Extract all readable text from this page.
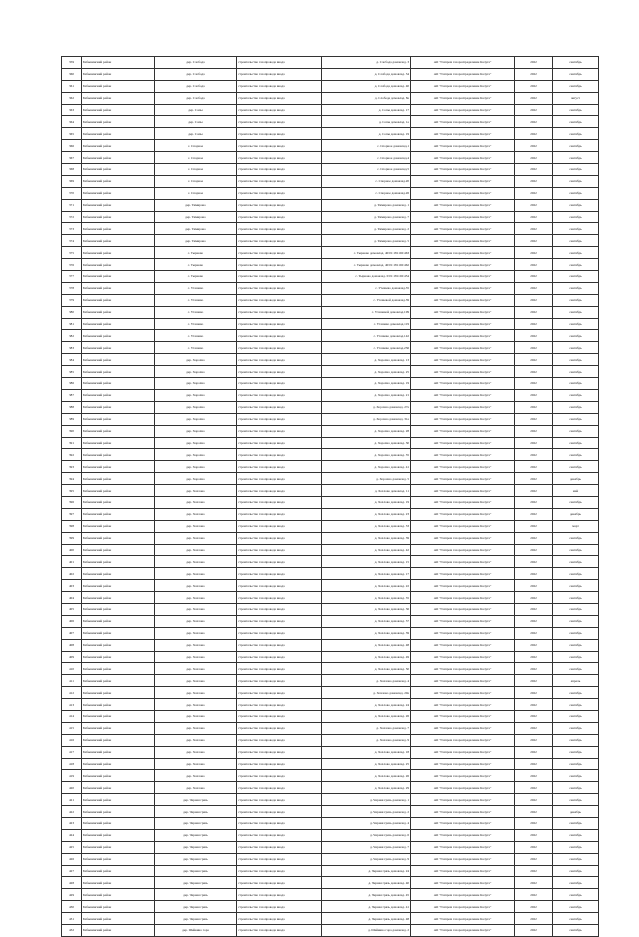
359	Бабынинский район	дер. Слобода	строительство газопровода ввода	д. Слобода домовлад. 3	АО "Газпром газораспределение Калуга"	2022	сентябрь
360	Бабынинский район	дер. Слобода	строительство газопровода ввода	д. Слобода домовлад. 34	АО "Газпром газораспределение Калуга"	2022	сентябрь
361	Бабынинский район	дер. Слобода	строительство газопровода ввода	д. Слобода домовлад. 40	АО "Газпром газораспределение Калуга"	2022	сентябрь
362	Бабынинский район	дер. Слобода	строительство газопровода ввода	д. Слобода домовлад. 8а	АО "Газпром газораспределение Калуга"	2022	август
363	Бабынинский район	дер. Сопы	строительство газопровода ввода	д. Сопы домовлад. 17	АО "Газпром газораспределение Калуга"	2022	сентябрь
364	Бабынинский район	дер. Сопы	строительство газопровода ввода	д. Сопы домовлад. 1а	АО "Газпром газораспределение Калуга"	2022	сентябрь
365	Бабынинский район	дер. Сопы	строительство газопровода ввода	д. Сопы домовлад. 19	АО "Газпром газораспределение Калуга"	2022	сентябрь
366	Бабынинский район	с. Спорное	строительство газопровода ввода	с. Спорное домовлад.1	АО "Газпром газораспределение Калуга"	2022	сентябрь
367	Бабынинский район	с. Спорное	строительство газопровода ввода	с. Спорное домовлад.4	АО "Газпром газораспределение Калуга"	2022	сентябрь
368	Бабынинский район	с. Спорное	строительство газопровода ввода	с. Спорное домовлад.5	АО "Газпром газораспределение Калуга"	2022	сентябрь
369	Бабынинский район	с. Спорное	строительство газопровода ввода	с. Спорное домовлад.20	АО "Газпром газораспределение Калуга"	2022	сентябрь
370	Бабынинский район	с. Спорное	строительство газопровода ввода	с. Спорное домовлад.26	АО "Газпром газораспределение Калуга"	2022	сентябрь
371	Бабынинский район	дер. Тимирово	строительство газопровода ввода	д. Тимирово домовлад. 1	АО "Газпром газораспределение Калуга"	2022	сентябрь
372	Бабынинский район	дер. Тимирово	строительство газопровода ввода	д. Тимирово домовлад. 7	АО "Газпром газораспределение Калуга"	2022	сентябрь
373	Бабынинский район	дер. Тимирово	строительство газопровода ввода	д. Тимирово домовлад. 2	АО "Газпром газораспределение Калуга"	2022	сентябрь
374	Бабынинский район	дер. Тимирово	строительство газопровода ввода	д. Тимирово домовлад. 5	АО "Газпром газораспределение Калуга"	2022	сентябрь
375	Бабынинский район	с. Тырново	строительство газопровода ввода	с. Тырново домовлад. 40:01:181102:463	АО "Газпром газораспределение Калуга"	2022	сентябрь
376	Бабынинский район	с. Тырново	строительство газопровода ввода	с. Тырново домовлад. 40:01:181102:462	АО "Газпром газораспределение Калуга"	2022	сентябрь
377	Бабынинский район	с. Тырново	строительство газопровода ввода	с. Тырново домовлад. 0:01:181102:454	АО "Газпром газораспределение Калуга"	2022	сентябрь
378	Бабынинский район	с. Утешево	строительство газопровода ввода	с. Утешево домовлад.35	АО "Газпром газораспределение Калуга"	2022	сентябрь
379	Бабынинский район	с. Утешево	строительство газопровода ввода	с. Утешевой домовлад.39	АО "Газпром газораспределение Калуга"	2022	сентябрь
380	Бабынинский район	с. Утешево	строительство газопровода ввода	с. Утешевой домовлад.109	АО "Газпром газораспределение Калуга"	2022	сентябрь
381	Бабынинский район	с. Утешево	строительство газопровода ввода	с. Утешево домовлад.119	АО "Газпром газораспределение Калуга"	2022	сентябрь
382	Бабынинский район	с. Утешево	строительство газопровода ввода	с. Утешево домовлад.142	АО "Газпром газораспределение Калуга"	2022	сентябрь
383	Бабынинский район	с. Утешево	строительство газопровода ввода	с. Утешево домовлад.236	АО "Газпром газораспределение Калуга"	2022	сентябрь
384	Бабынинский район	дер. Хорохно	строительство газопровода ввода	д. Хорохно домовлад. 13	АО "Газпром газораспределение Калуга"	2022	сентябрь
385	Бабынинский район	дер. Хорохно	строительство газопровода ввода	д. Хорохно домовлад. 25	АО "Газпром газораспределение Калуга"	2022	сентябрь
386	Бабынинский район	дер. Хорохно	строительство газопровода ввода	д. Хорохно домовлад. 19	АО "Газпром газораспределение Калуга"	2022	сентябрь
387	Бабынинский район	дер. Хорохно	строительство газопровода ввода	д. Хорохно домовлад. 21	АО "Газпром газораспределение Калуга"	2022	сентябрь
388	Бабынинский район	дер. Хорохно	строительство газопровода ввода	д. Хорохно домовлад. 27а	АО "Газпром газораспределение Калуга"	2022	сентябрь
389	Бабынинский район	дер. Хорохно	строительство газопровода ввода	д. Хорохно домовлад. 31а	АО "Газпром газораспределение Калуга"	2022	сентябрь
390	Бабынинский район	дер. Хорохно	строительство газопровода ввода	д. Хорохно домовлад. 28	АО "Газпром газораспределение Калуга"	2022	сентябрь
391	Бабынинский район	дер. Хорохно	строительство газопровода ввода	д. Хорохно домовлад. 30	АО "Газпром газораспределение Калуга"	2022	сентябрь
392	Бабынинский район	дер. Хорохно	строительство газопровода ввода	д. Хорохно домовлад. 35	АО "Газпром газораспределение Калуга"	2022	сентябрь
393	Бабынинский район	дер. Хорохно	строительство газопровода ввода	д. Хорохно домовлад. 41	АО "Газпром газораспределение Калуга"	2022	сентябрь
394	Бабынинский район	дер. Хорохно	строительство газопровода ввода	д. Хорохно домовлад. 5	АО "Газпром газораспределение Калуга"	2022	декабрь
395	Бабынинский район	дер. Хохлово	строительство газопровода ввода	д. Хохлово домовлад. 11	АО "Газпром газораспределение Калуга"	2022	май
396	Бабынинский район	дер. Хохлово	строительство газопровода ввода	д. Хохлово домовлад. 19	АО "Газпром газораспределение Калуга"	2022	сентябрь
397	Бабынинский район	дер. Хохлово	строительство газопровода ввода	д. Хохлово домовлад. 23	АО "Газпром газораспределение Калуга"	2022	декабрь
398	Бабынинский район	дер. Хохлово	строительство газопровода ввода	д. Хохлово домовлад. 33	АО "Газпром газораспределение Калуга"	2022	март
399	Бабынинский район	дер. Хохлово	строительство газопровода ввода	д. Хохлово домовлад. 39	АО "Газпром газораспределение Калуга"	2022	сентябрь
400	Бабынинский район	дер. Хохлово	строительство газопровода ввода	д. Хохлово домовлад. 42	АО "Газпром газораспределение Калуга"	2022	сентябрь
401	Бабынинский район	дер. Хохлово	строительство газопровода ввода	д. Хохлово домовлад. 15	АО "Газпром газораспределение Калуга"	2022	сентябрь
402	Бабынинский район	дер. Хохлово	строительство газопровода ввода	д. Хохлово домовлад. 17	АО "Газпром газораспределение Калуга"	2022	сентябрь
403	Бабынинский район	дер. Хохлово	строительство газопровода ввода	д. Хохлово домовлад. 22	АО "Газпром газораспределение Калуга"	2022	сентябрь
404	Бабынинский район	дер. Хохлово	строительство газопровода ввода	д. Хохлово домовлад. 35	АО "Газпром газораспределение Калуга"	2022	сентябрь
405	Бабынинский район	дер. Хохлово	строительство газопровода ввода	д. Хохлово домовлад. 36	АО "Газпром газораспределение Калуга"	2022	сентябрь
406	Бабынинский район	дер. Хохлово	строительство газопровода ввода	д. Хохлово домовлад. 37	АО "Газпром газораспределение Калуга"	2022	сентябрь
407	Бабынинский район	дер. Хохлово	строительство газопровода ввода	д. Хохлово домовлад. 39	АО "Газпром газораспределение Калуга"	2022	сентябрь
408	Бабынинский район	дер. Хохлово	строительство газопровода ввода	д. Хохлово домовлад. 48	АО "Газпром газораспределение Калуга"	2022	сентябрь
409	Бабынинский район	дер. Хохлово	строительство газопровода ввода	д. Хохлово домовлад. 49	АО "Газпром газораспределение Калуга"	2022	сентябрь
410	Бабынинский район	дер. Хохлово	строительство газопровода ввода	д. Хохлово домовлад. 50	АО "Газпром газораспределение Калуга"	2022	сентябрь
411	Бабынинский район	дер. Хохлово	строительство газопровода ввода	д. Хохлово домовлад. 4	АО "Газпром газораспределение Калуга"	2022	апрель
412	Бабынинский район	дер. Хохлово	строительство газопровода ввода	д. Хохлово домовлад. 20а	АО "Газпром газораспределение Калуга"	2022	сентябрь
413	Бабынинский район	дер. Хохлово	строительство газопровода ввода	д. Хохлово домовлад. 24	АО "Газпром газораспределение Калуга"	2022	сентябрь
414	Бабынинский район	дер. Хохлово	строительство газопровода ввода	д. Хохлово домовлад. 26	АО "Газпром газораспределение Калуга"	2022	сентябрь
415	Бабынинский район	дер. Хохлово	строительство газопровода ввода	д. Хохлово домовлад. 7	АО "Газпром газораспределение Калуга"	2022	сентябрь
416	Бабынинский район	дер. Хохлово	строительство газопровода ввода	д. Хохлово домовлад. 9	АО "Газпром газораспределение Калуга"	2022	сентябрь
417	Бабынинский район	дер. Хохлово	строительство газопровода ввода	д. Хохлово домовлад. 18	АО "Газпром газораспределение Калуга"	2022	сентябрь
418	Бабынинский район	дер. Хохлово	строительство газопровода ввода	д. Хохлово домовлад. 25	АО "Газпром газораспределение Калуга"	2022	сентябрь
419	Бабынинский район	дер. Хохлово	строительство газопровода ввода	д. Хохлово домовлад. 26	АО "Газпром газораспределение Калуга"	2022	сентябрь
420	Бабынинский район	дер. Хохлово	строительство газопровода ввода	д. Хохлово домовлад. 29	АО "Газпром газораспределение Калуга"	2022	сентябрь
421	Бабынинский район	дер. Черная грязь	строительство газопровода ввода	д. Черная грязь домовлад. 1	АО "Газпром газораспределение Калуга"	2022	сентябрь
422	Бабынинский район	дер. Черная грязь	строительство газопровода ввода	д. Черная грязь домовлад. 2	АО "Газпром газораспределение Калуга"	2022	декабрь
423	Бабынинский район	дер. Черная грязь	строительство газопровода ввода	д. Черная грязь домовлад. 4	АО "Газпром газораспределение Калуга"	2022	сентябрь
424	Бабынинский район	дер. Черная грязь	строительство газопровода ввода	д. Черная грязь домовлад. 6	АО "Газпром газораспределение Калуга"	2022	сентябрь
425	Бабынинский район	дер. Черная грязь	строительство газопровода ввода	д. Черная грязь домовлад. 7	АО "Газпром газораспределение Калуга"	2022	сентябрь
426	Бабынинский район	дер. Черная грязь	строительство газопровода ввода	д. Черная грязь домовлад. 9	АО "Газпром газораспределение Калуга"	2022	сентябрь
427	Бабынинский район	дер. Черная грязь	строительство газопровода ввода	д. Черная грязь домовлад. 24	АО "Газпром газораспределение Калуга"	2022	сентябрь
428	Бабынинский район	дер. Черная грязь	строительство газопровода ввода	д. Черная грязь домовлад. 40	АО "Газпром газораспределение Калуга"	2022	сентябрь
429	Бабынинский район	дер. Черная грязь	строительство газопровода ввода	д. Черная грязь домовлад. 45	АО "Газпром газораспределение Калуга"	2022	сентябрь
430	Бабынинский район	дер. Черная грязь	строительство газопровода ввода	д. Черная грязь домовлад. 41	АО "Газпром газораспределение Калуга"	2022	сентябрь
431	Бабынинский район	дер. Черная грязь	строительство газопровода ввода	д. Черная грязь домовлад. 48	АО "Газпром газораспределение Калуга"	2022	сентябрь
432	Бабынинский район	дер. Шейкино гора	строительство газопровода ввода	д. Шейкино гора домовлад. 2	АО "Газпром газораспределение Калуга"	2022	сентябрь
